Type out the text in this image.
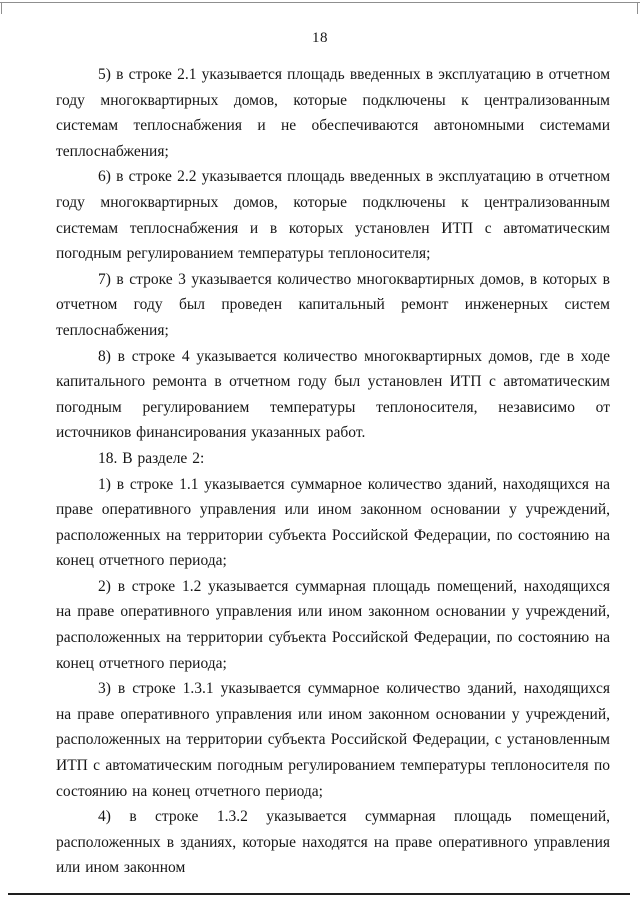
18

5) в строке 2.1 указывается площадь введенных в эксплуатацию в отчетном году многоквартирных домов, которые подключены к централизованным системам теплоснабжения и не обеспечиваются автономными системами теплоснабжения;

6) в строке 2.2 указывается площадь введенных в эксплуатацию в отчетном году многоквартирных домов, которые подключены к централизованным системам теплоснабжения и в которых установлен ИТП с автоматическим погодным регулированием температуры теплоносителя;

7) в строке 3 указывается количество многоквартирных домов, в которых в отчетном году был проведен капитальный ремонт инженерных систем теплоснабжения;

8) в строке 4 указывается количество многоквартирных домов, где в ходе капитального ремонта в отчетном году был установлен ИТП с автоматическим погодным регулированием температуры теплоносителя, независимо от источников финансирования указанных работ.

18. В разделе 2:

1) в строке 1.1 указывается суммарное количество зданий, находящихся на праве оперативного управления или ином законном основании у учреждений, расположенных на территории субъекта Российской Федерации, по состоянию на конец отчетного периода;

2) в строке 1.2 указывается суммарная площадь помещений, находящихся на праве оперативного управления или ином законном основании у учреждений, расположенных на территории субъекта Российской Федерации, по состоянию на конец отчетного периода;

3) в строке 1.3.1 указывается суммарное количество зданий, находящихся на праве оперативного управления или ином законном основании у учреждений, расположенных на территории субъекта Российской Федерации, с установленным ИТП с автоматическим погодным регулированием температуры теплоносителя по состоянию на конец отчетного периода;

4) в строке 1.3.2 указывается суммарная площадь помещений, расположенных в зданиях, которые находятся на праве оперативного управления или ином законном
